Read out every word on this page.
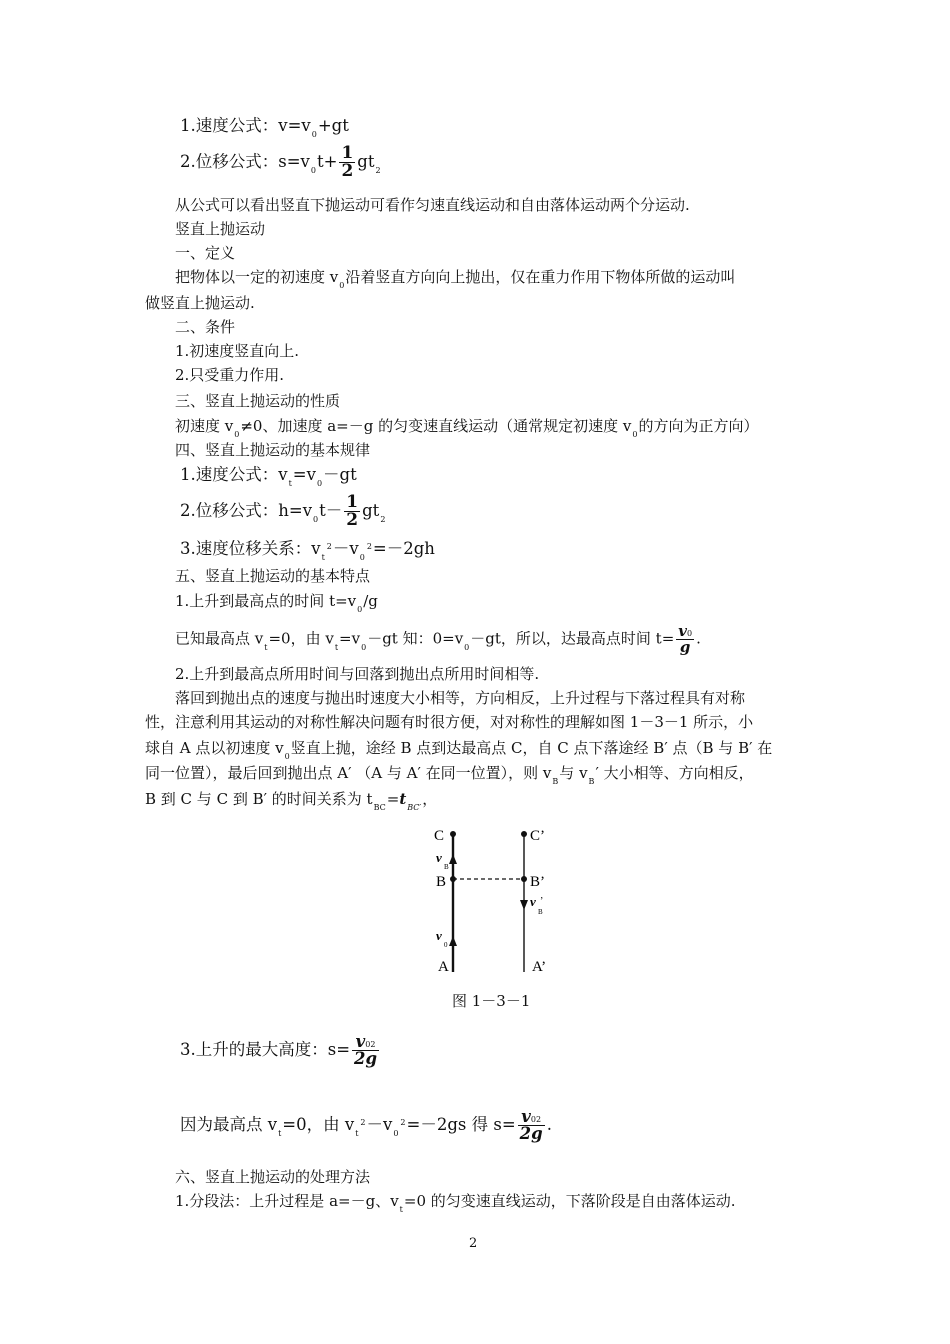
1.速度公式：$v=v_0+gt$
2.位移公式：$s=v_0t+ \frac{1}{2} gt_2$
从公式可以看出竖直下抛运动可看作匀速直线运动和自由落体运动两个分运动.
竖直上抛运动
一、定义
把物体以一定的初速度 $v_0$沿着竖直方向向上抛出，仅在重力作用下物体所做的运动叫
做竖直上抛运动.
二、条件
1.初速度竖直向上.
2.只受重力作用.
三、竖直上抛运动的性质
初速度 $v_0\ne 0$、加速度 a=－g 的匀变速直线运动（通常规定初速度 $v_0$的方向为正方向）
四、竖直上抛运动的基本规律
1.速度公式：$v_t=v_0-gt$
2.位移公式：$h=v_0t- \frac{1}{2} gt_2$
3.速度位移关系：$v_t^2-v_0^2=-2gh$
五、竖直上抛运动的基本特点
1.上升到最高点的时间 $t=v_0/g$
已知最高点 $v_t=0$，由 $v_t=v_0-gt$ 知：$0=v_0-gt$，所以，达最高点时间 $t= \frac{v0}{g}$ .
2.上升到最高点所用时间与回落到抛出点所用时间相等.
落回到抛出点的速度与抛出时速度大小相等，方向相反，上升过程与下落过程具有对称
性，注意利用其运动的对称性解决问题有时很方便，对对称性的理解如图 1－3－1 所示，小
球自 A 点以初速度 $v_0$竖直上抛，途经 B 点到达最高点 C，自 C 点下落途经 B′ 点（B 与 B′ 在
同一位置），最后回到抛出点 A′ （A 与 A′ 在同一位置），则 $v_B$与 $v_B'$ 大小相等、方向相反，
B 到 C 与 C 到 B′ 的时间关系为 $t_{BC}=t_{BC'}$，
C	C’
B	B’
A	A’
v
B
v ’
B
v
0
图 1－3－1
3.上升的最大高度：$s= \frac{v02}{2g}$
因为最高点 $v_t=0$，由 $v_t^2-v_0^2=-2gs$ 得 $s= \frac{v02}{2g}$ .
六、竖直上抛运动的处理方法
1.分段法：上升过程是 a=－g、$v_t=0$ 的匀变速直线运动，下落阶段是自由落体运动.
2
